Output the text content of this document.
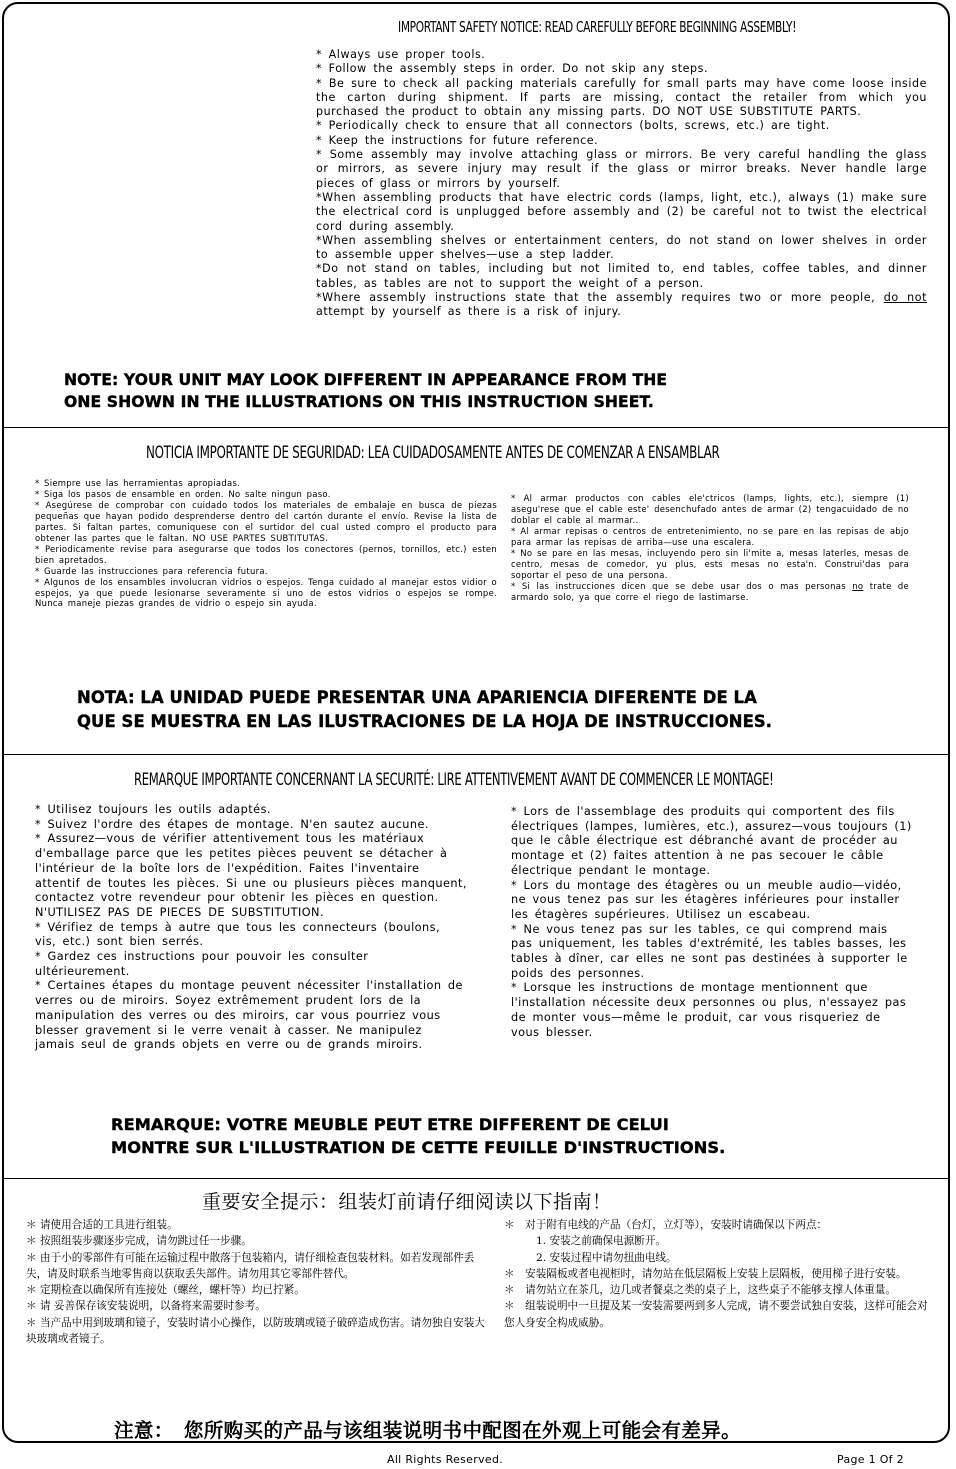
IMPORTANT SAFETY NOTICE: READ CAREFULLY BEFORE BEGINNING ASSEMBLY!
* Always use proper tools.
* Follow the assembly steps in order. Do not skip any steps.
* Be sure to check all packing materials carefully for small parts may have come loose inside the carton during shipment. If parts are missing, contact the retailer from which you purchased the product to obtain any missing parts. DO NOT USE SUBSTITUTE PARTS.
* Periodically check to ensure that all connectors (bolts, screws, etc.) are tight.
* Keep the instructions for future reference.
* Some assembly may involve attaching glass or mirrors. Be very careful handling the glass or mirrors, as severe injury may result if the glass or mirror breaks. Never handle large pieces of glass or mirrors by yourself.
*When assembling products that have electric cords (lamps, light, etc.), always (1) make sure the electrical cord is unplugged before assembly and (2) be careful not to twist the electrical cord during assembly.
*When assembling shelves or entertainment centers, do not stand on lower shelves in order to assemble upper shelves—use a step ladder.
*Do not stand on tables, including but not limited to, end tables, coffee tables, and dinner tables, as tables are not to support the weight of a person.
*Where assembly instructions state that the assembly requires two or more people, do not attempt by yourself as there is a risk of injury.
NOTE: YOUR UNIT MAY LOOK DIFFERENT IN APPEARANCE FROM THE
ONE SHOWN IN THE ILLUSTRATIONS ON THIS INSTRUCTION SHEET.
NOTICIA IMPORTANTE DE SEGURIDAD: LEA CUIDADOSAMENTE ANTES DE COMENZAR A ENSAMBLAR
* Siempre use las herramientas apropiadas.
* Siga los pasos de ensamble en orden. No salte ningun paso.
* Asegúrese de comprobar con cuidado todos los materiales de embalaje en busca de piezas pequeñas que hayan podido desprenderse dentro del cartón durante el envío. Revise la lista de partes. Si faltan partes, comuniquese con el surtidor del cual usted compro el producto para obtener las partes que le faltan. NO USE PARTES SUBTITUTAS.
* Periodicamente revise para asegurarse que todos los conectores (pernos, tornillos, etc.) esten bien apretados.
* Guarde las instrucciones para referencia futura.
* Algunos de los ensambles involucran vidrios o espejos. Tenga cuidado al manejar estos vidior o espejos, ya que puede lesionarse severamente si uno de estos vidrios o espejos se rompe. Nunca maneje piezas grandes de vidrio o espejo sin ayuda.
* Al armar productos con cables ele'ctricos (lamps, lights, etc.), siempre (1) asegu'rese que el cable este' desenchufado antes de armar (2) tengacuidado de no doblar el cable al marmar..
* Al armar repisas o centros de entretenimiento, no se pare en las repisas de abjo para armar las repisas de arriba—use una escalera.
* No se pare en las mesas, incluyendo pero sin li'mite a, mesas laterles, mesas de centro, mesas de comedor, yu plus, ests mesas no esta'n. Construi'das para soportar el peso de una persona.
* Si las instrucciones dicen que se debe usar dos o mas personas no trate de armardo solo, ya que corre el riego de lastimarse.
NOTA: LA UNIDAD PUEDE PRESENTAR UNA APARIENCIA DIFERENTE DE LA
QUE SE MUESTRA EN LAS ILUSTRACIONES DE LA HOJA DE INSTRUCCIONES.
REMARQUE IMPORTANTE CONCERNANT LA SECURITÉ: LIRE ATTENTIVEMENT AVANT DE COMMENCER LE MONTAGE!
* Utilisez toujours les outils adaptés.
* Suivez l'ordre des étapes de montage. N'en sautez aucune.
* Assurez—vous de vérifier attentivement tous les matériaux d'emballage parce que les petites pièces peuvent se détacher à l'intérieur de la boîte lors de l'expédition. Faites l'inventaire attentif de toutes les pièces. Si une ou plusieurs pièces manquent, contactez votre revendeur pour obtenir les pièces en question. N'UTILISEZ PAS DE PIECES DE SUBSTITUTION.
* Vérifiez de temps à autre que tous les connecteurs (boulons, vis, etc.) sont bien serrés.
* Gardez ces instructions pour pouvoir les consulter ultérieurement.
* Certaines étapes du montage peuvent nécessiter l'installation de verres ou de miroirs. Soyez extrêmement prudent lors de la manipulation des verres ou des miroirs, car vous pourriez vous blesser gravement si le verre venait à casser. Ne manipulez jamais seul de grands objets en verre ou de grands miroirs.
* Lors de l'assemblage des produits qui comportent des fils électriques (lampes, lumières, etc.), assurez—vous toujours (1) que le câble électrique est débranché avant de procéder au montage et (2) faites attention à ne pas secouer le câble électrique pendant le montage.
* Lors du montage des étagères ou un meuble audio—vidéo, ne vous tenez pas sur les étagères inférieures pour installer les étagères supérieures. Utilisez un escabeau.
* Ne vous tenez pas sur les tables, ce qui comprend mais pas uniquement, les tables d'extrémité, les tables basses, les tables à dîner, car elles ne sont pas destinées à supporter le poids des personnes.
* Lorsque les instructions de montage mentionnent que l'installation nécessite deux personnes ou plus, n'essayez pas de monter vous—même le produit, car vous risqueriez de vous blesser.
REMARQUE: VOTRE MEUBLE PEUT ETRE DIFFERENT DE CELUI
MONTRE SUR L'ILLUSTRATION DE CETTE FEUILLE D'INSTRUCTIONS.
重要安全提示：组装灯前请仔细阅读以下指南！
＊ 请使用合适的工具进行组装。
＊ 按照组装步骤逐步完成，请勿跳过任一步骤。
＊ 由于小的零部件有可能在运输过程中散落于包装箱内，请仔细检查包装材料。如若发现部件丢失，请及时联系当地零售商以获取丢失部件。请勿用其它零部件替代。
＊ 定期检查以确保所有连接处（螺丝，螺杆等）均已拧紧。
＊ 请 妥善保存该安装说明，以备将来需要时参考。
＊ 当产品中用到玻璃和镜子，安装时请小心操作，以防玻璃或镜子破碎造成伤害。请勿独自安装大块玻璃或者镜子。
＊　对于附有电线的产品（台灯，立灯等），安装时请确保以下两点：
1. 安装之前确保电源断开。
2. 安装过程中请勿扭曲电线。
＊　安装隔板或者电视柜时，请勿站在低层隔板上安装上层隔板，使用梯子进行安装。
＊　请勿站立在茶几，边几或者餐桌之类的桌子上，这些桌子不能够支撑人体重量。
＊　组装说明中一旦提及某一安装需要两到多人完成，请不要尝试独自安装，这样可能会对您人身安全构成威胁。
注意：　您所购买的产品与该组装说明书中配图在外观上可能会有差异。
All Rights Reserved.	Page 1 Of 2
